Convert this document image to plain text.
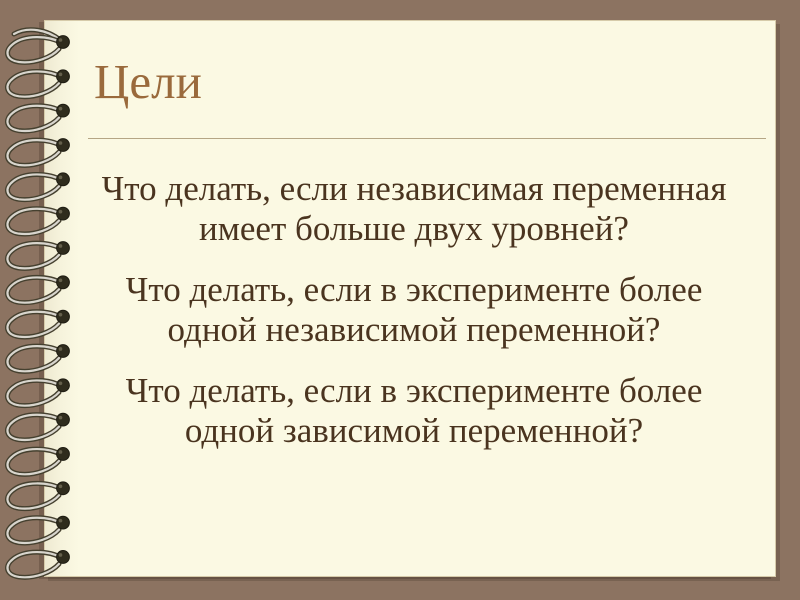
Цели

Что делать, если независимая переменная имеет больше двух уровней?

Что делать, если в эксперименте более одной независимой переменной?

Что делать, если в эксперименте более одной зависимой переменной?
